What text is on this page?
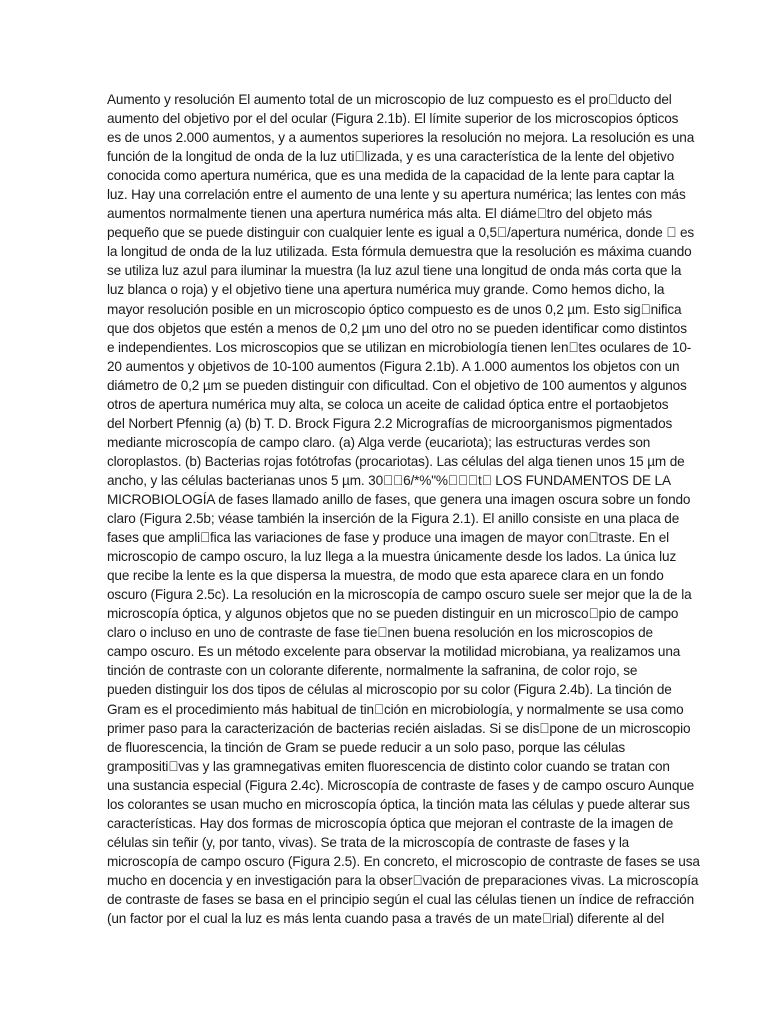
Aumento y resolución El aumento total de un microscopio de luz compuesto es el pro ducto del
aumento del objetivo por el del ocular (Figura 2.1b). El límite superior de los microscopios ópticos
es de unos 2.000 aumentos, y a aumentos superiores la resolución no mejora. La resolución es una
función de la longitud de onda de la luz uti lizada, y es una característica de la lente del objetivo
conocida como apertura numérica, que es una medida de la capacidad de la lente para captar la
luz. Hay una correlación entre el aumento de una lente y su apertura numérica; las lentes con más
aumentos normalmente tienen una apertura numérica más alta. El diáme tro del objeto más
pequeño que se puede distinguir con cualquier lente es igual a 0,5 /apertura numérica, donde   es
la longitud de onda de la luz utilizada. Esta fórmula demuestra que la resolución es máxima cuando
se utiliza luz azul para iluminar la muestra (la luz azul tiene una longitud de onda más corta que la
luz blanca o roja) y el objetivo tiene una apertura numérica muy grande. Como hemos dicho, la
mayor resolución posible en un microscopio óptico compuesto es de unos 0,2 µm. Esto sig nifica
que dos objetos que estén a menos de 0,2 µm uno del otro no se pueden identificar como distintos
e independientes. Los microscopios que se utilizan en microbiología tienen len tes oculares de 10-
20 aumentos y objetivos de 10-100 aumentos (Figura 2.1b). A 1.000 aumentos los objetos con un
diámetro de 0,2 µm se pueden distinguir con dificultad. Con el objetivo de 100 aumentos y algunos
otros de apertura numérica muy alta, se coloca un aceite de calidad óptica entre el portaobjetos
del Norbert Pfennig (a) (b) T. D. Brock Figura 2.2 Micrografías de microorganismos pigmentados
mediante microscopía de campo claro. (a) Alga verde (eucariota); las estructuras verdes son
cloroplastos. (b) Bacterias rojas fotótrofas (procariotas). Las células del alga tienen unos 15 µm de
ancho, y las células bacterianas unos 5 µm. 30  6/*%"%   t  LOS FUNDAMENTOS DE LA
MICROBIOLOGÍA de fases llamado anillo de fases, que genera una imagen oscura sobre un fondo
claro (Figura 2.5b; véase también la inserción de la Figura 2.1). El anillo consiste en una placa de
fases que ampli fica las variaciones de fase y produce una imagen de mayor con traste. En el
microscopio de campo oscuro, la luz llega a la muestra únicamente desde los lados. La única luz
que recibe la lente es la que dispersa la muestra, de modo que esta aparece clara en un fondo
oscuro (Figura 2.5c). La resolución en la microscopía de campo oscuro suele ser mejor que la de la
microscopía óptica, y algunos objetos que no se pueden distinguir en un microsco pio de campo
claro o incluso en uno de contraste de fase tie nen buena resolución en los microscopios de
campo oscuro. Es un método excelente para observar la motilidad microbiana, ya realizamos una
tinción de contraste con un colorante diferente, normalmente la safranina, de color rojo, se
pueden distinguir los dos tipos de células al microscopio por su color (Figura 2.4b). La tinción de
Gram es el procedimiento más habitual de tin ción en microbiología, y normalmente se usa como
primer paso para la caracterización de bacterias recién aisladas. Si se dis pone de un microscopio
de fluorescencia, la tinción de Gram se puede reducir a un solo paso, porque las células
grampositi vas y las gramnegativas emiten fluorescencia de distinto color cuando se tratan con
una sustancia especial (Figura 2.4c). Microscopía de contraste de fases y de campo oscuro Aunque
los colorantes se usan mucho en microscopía óptica, la tinción mata las células y puede alterar sus
características. Hay dos formas de microscopía óptica que mejoran el contraste de la imagen de
células sin teñir (y, por tanto, vivas). Se trata de la microscopía de contraste de fases y la
microscopía de campo oscuro (Figura 2.5). En concreto, el microscopio de contraste de fases se usa
mucho en docencia y en investigación para la obser vación de preparaciones vivas. La microscopía
de contraste de fases se basa en el principio según el cual las células tienen un índice de refracción
(un factor por el cual la luz es más lenta cuando pasa a través de un mate rial) diferente al del
